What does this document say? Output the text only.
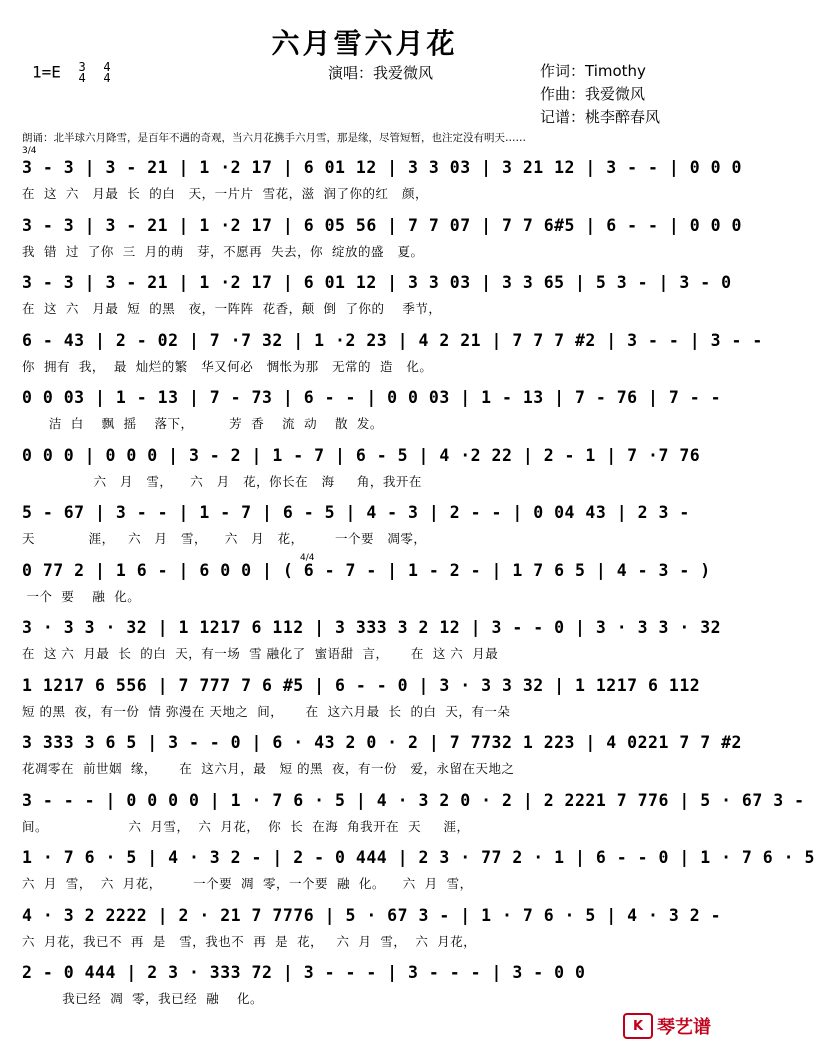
六月雪六月花
1=E 3
4

4
4	演唱：我爱微风	作词：Timothy
作曲：我爱微风
记谱：桃李醉春风
朗诵：北半球六月降雪，是百年不遇的奇观，当六月花携手六月雪，那是缘，尽管短暂，也注定没有明天……
3/4
3 - 3 | 3 - 21 | 1 ·2 17 | 6 01 12 | 3 3 03 | 3 21 12 | 3 - - | 0 0 0
在  这  六   月最  长  的白   天，一片片  雪花，滋  润了你的红   颜，
3 - 3 | 3 - 21 | 1 ·2 17 | 6 05 56 | 7 7 07 | 7 7 6#5 | 6 - - | 0 0 0
我  错  过  了你  三  月的萌   芽，不愿再  失去，你  绽放的盛   夏。
3 - 3 | 3 - 21 | 1 ·2 17 | 6 01 12 | 3 3 03 | 3 3 65 | 5 3 - | 3 - 0
在  这  六   月最  短  的黑   夜，一阵阵  花香，颠  倒  了你的    季节，
6 - 43 | 2 - 02 | 7 ·7 32 | 1 ·2 23 | 4 2 21 | 7 7 7 #2 | 3 - - | 3 - -
你  拥有  我，  最  灿烂的繁   华又何必   惆怅为那   无常的  造   化。
0 0 03 | 1 - 13 | 7 - 73 | 6 - - | 0 0 03 | 1 - 13 | 7 - 76 | 7 - -
洁  白    飘  摇    落下，        芳  香    流  动    散  发。
0 0 0 | 0 0 0 | 3 - 2 | 1 - 7 | 6 - 5 | 4 ·2 22 | 2 - 1 | 7 ·7 76
六   月   雪，    六   月   花，你长在   海     角，我开在
5 - 67 | 3 - - | 1 - 7 | 6 - 5 | 4 - 3 | 2 - - | 0 04 43 | 2 3 -
天            涯，   六   月   雪，    六   月   花，       一个要   凋零，
0 77 2 | 1 6 - | 6 0 0 | ( 6 - 7 - | 1 - 2 - | 1 7 6 5 | 4 - 3 - )
一个  要    融  化。
3 · 3 3 · 32 | 1 1217 6 112 | 3 333 3 2 12 | 3 - - 0 | 3 · 3 3 · 32
在  这 六  月最  长  的白  天，有一场  雪 融化了  蜜语甜  言，     在  这 六  月最
1 1217 6 556 | 7 777 7 6 #5 | 6 - - 0 | 3 · 3 3 32 | 1 1217 6 112
短 的黑  夜，有一份  情 弥漫在 天地之  间，     在  这六月最  长  的白  天，有一朵
3 333 3 6 5 | 3 - - 0 | 6 · 43 2 0 · 2 | 7 7732 1 223 | 4 0221 7 7 #2
花凋零在  前世姻  缘，     在  这六月，最   短 的黑  夜，有一份   爱，永留在天地之
3 - - - | 0 0 0 0 | 1 · 7 6 · 5 | 4 · 3 2 0 · 2 | 2 2221 7 776 | 5 · 67 3 -
间。                  六  月雪，  六  月花，  你  长  在海  角我开在  天     涯，
1 · 7 6 · 5 | 4 · 3 2 - | 2 - 0 444 | 2 3 · 77 2 · 1 | 6 - - 0 | 1 · 7 6 · 5
六  月  雪，  六  月花，       一个要  凋  零，一个要  融  化。    六  月  雪，
4 · 3 2 2222 | 2 · 21 7 7776 | 5 · 67 3 - | 1 · 7 6 · 5 | 4 · 3 2 -
六  月花，我已不  再  是   雪，我也不  再  是  花，   六  月  雪，  六  月花，
2 - 0 444 | 2 3 · 333 72 | 3 - - - | 3 - - - | 3 - 0 0
我已经  凋  零，我已经  融    化。
4/4
K 琴艺谱
